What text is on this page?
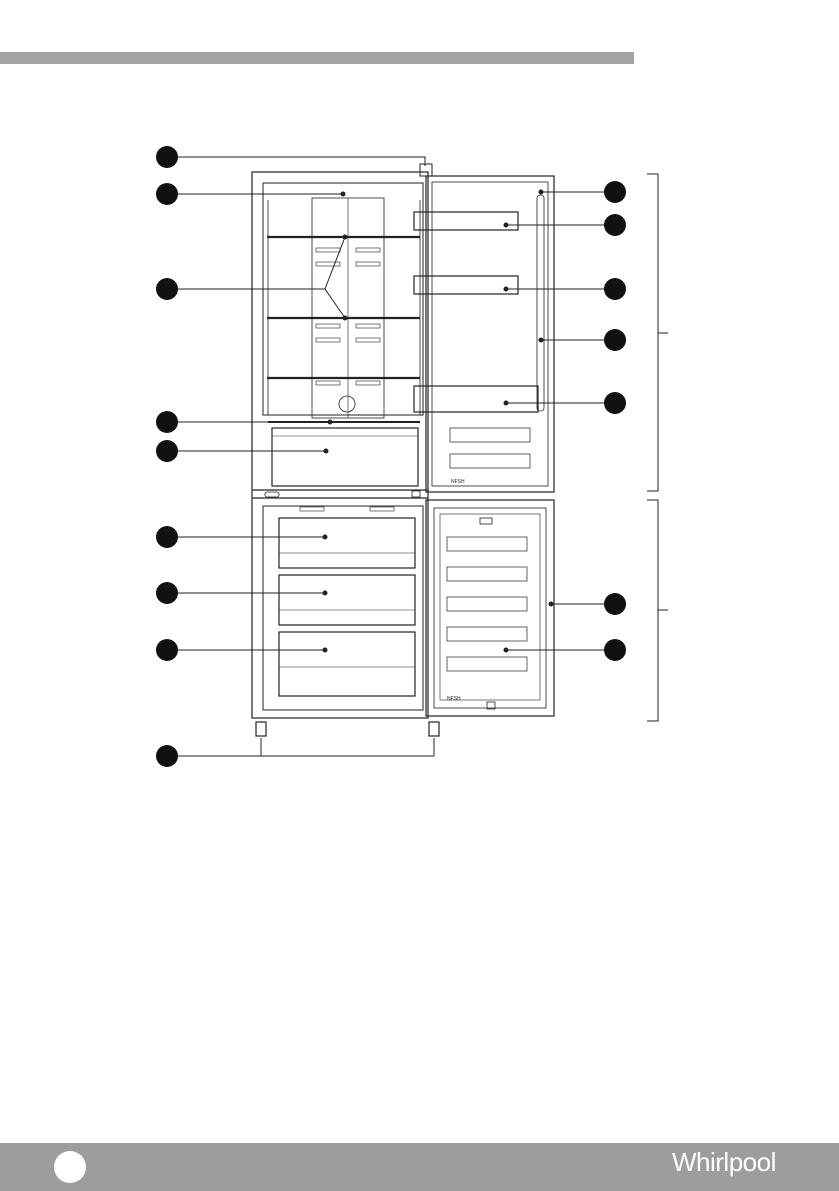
NFSH
NFSH
Whirlpool
